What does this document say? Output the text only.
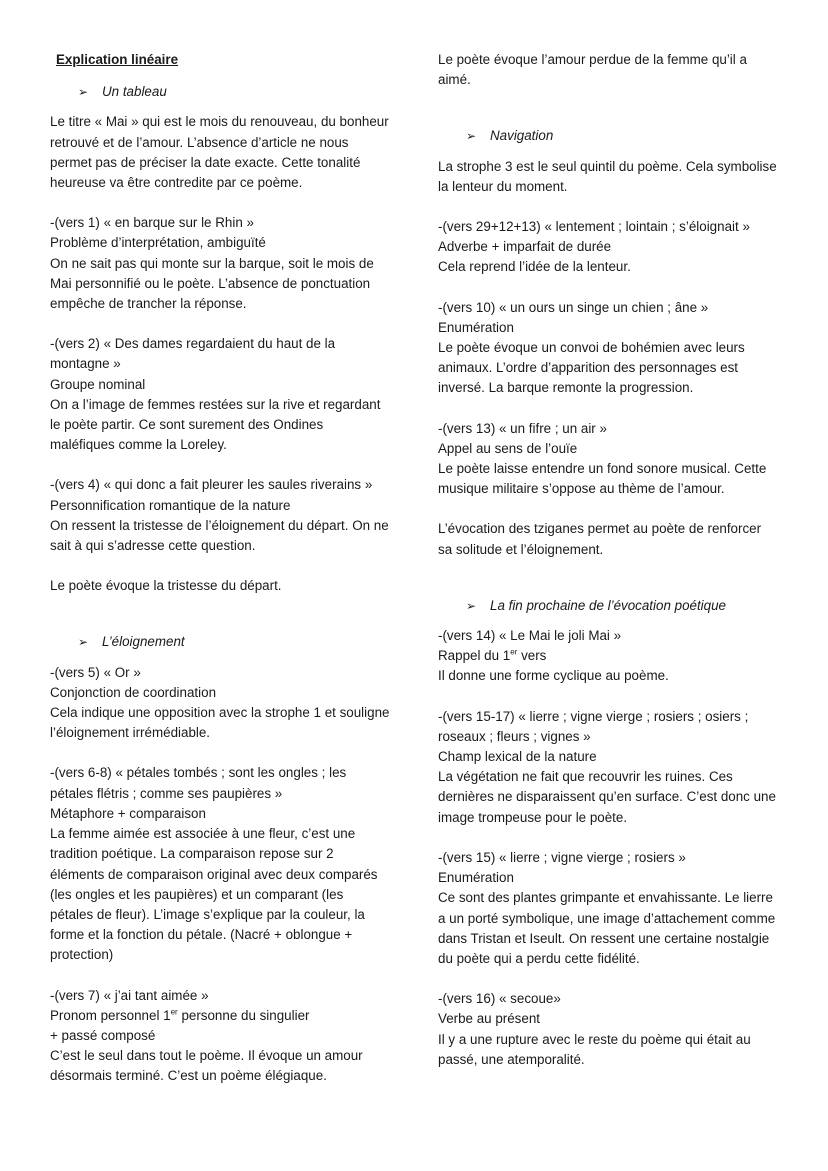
Explication linéaire
➢ Un tableau

Le titre « Mai » qui est le mois du renouveau, du bonheur retrouvé et de l’amour. L’absence d’article ne nous permet pas de préciser la date exacte. Cette tonalité heureuse va être contredite par ce poème.

-(vers 1) « en barque sur le Rhin »

Problème d’interprétation, ambiguïté

On ne sait pas qui monte sur la barque, soit le mois de Mai personnifié ou le poète. L’absence de ponctuation empêche de trancher la réponse.

-(vers 2) « Des dames regardaient du haut de la montagne »

Groupe nominal

On a l’image de femmes restées sur la rive et regardant le poète partir. Ce sont surement des Ondines maléfiques comme la Loreley.

-(vers 4) « qui donc a fait pleurer les saules riverains »

Personnification romantique de la nature

On ressent la tristesse de l’éloignement du départ. On ne sait à qui s’adresse cette question.

Le poète évoque la tristesse du départ.

➢ L’éloignement

-(vers 5) « Or »

Conjonction de coordination

Cela indique une opposition avec la strophe 1 et souligne l’éloignement irrémédiable.

-(vers 6-8) « pétales tombés ; sont les ongles ; les pétales flétris ; comme ses paupières »

Métaphore + comparaison

La femme aimée est associée à une fleur, c’est une tradition poétique. La comparaison repose sur 2 éléments de comparaison original avec deux comparés (les ongles et les paupières) et un comparant (les pétales de fleur). L’image s’explique par la couleur, la forme et la fonction du pétale. (Nacré + oblongue + protection)

-(vers 7) « j’ai tant aimée »

Pronom personnel 1er personne du singulier

+ passé composé

C’est le seul dans tout le poème. Il évoque un amour désormais terminé. C’est un poème élégiaque.

Le poète évoque l’amour perdue de la femme qu’il a aimé.

➢ Navigation

La strophe 3 est le seul quintil du poème. Cela symbolise la lenteur du moment.

-(vers 29+12+13) « lentement ; lointain ; s’éloignait »

Adverbe + imparfait de durée

Cela reprend l’idée de la lenteur.

-(vers 10) « un ours un singe un chien ; âne »

Enumération

Le poète évoque un convoi de bohémien avec leurs animaux. L’ordre d’apparition des personnages est inversé. La barque remonte la progression.

-(vers 13) « un fifre ; un air »

Appel au sens de l’ouïe

Le poète laisse entendre un fond sonore musical. Cette musique militaire s’oppose au thème de l’amour.

L’évocation des tziganes permet au poète de renforcer sa solitude et l’éloignement.

➢ La fin prochaine de l’évocation poétique

-(vers 14) « Le Mai le joli Mai »

Rappel du 1er vers

Il donne une forme cyclique au poème.

-(vers 15-17) « lierre ; vigne vierge ; rosiers ; osiers ; roseaux ; fleurs ; vignes »

Champ lexical de la nature

La végétation ne fait que recouvrir les ruines. Ces dernières ne disparaissent qu’en surface. C’est donc une image trompeuse pour le poète.

-(vers 15) « lierre ; vigne vierge ; rosiers »

Enumération

Ce sont des plantes grimpante et envahissante. Le lierre a un porté symbolique, une image d’attachement comme dans Tristan et Iseult. On ressent une certaine nostalgie du poète qui a perdu cette fidélité.

-(vers 16) « secoue»

Verbe au présent

Il y a une rupture avec le reste du poème qui était au passé, une atemporalité.
